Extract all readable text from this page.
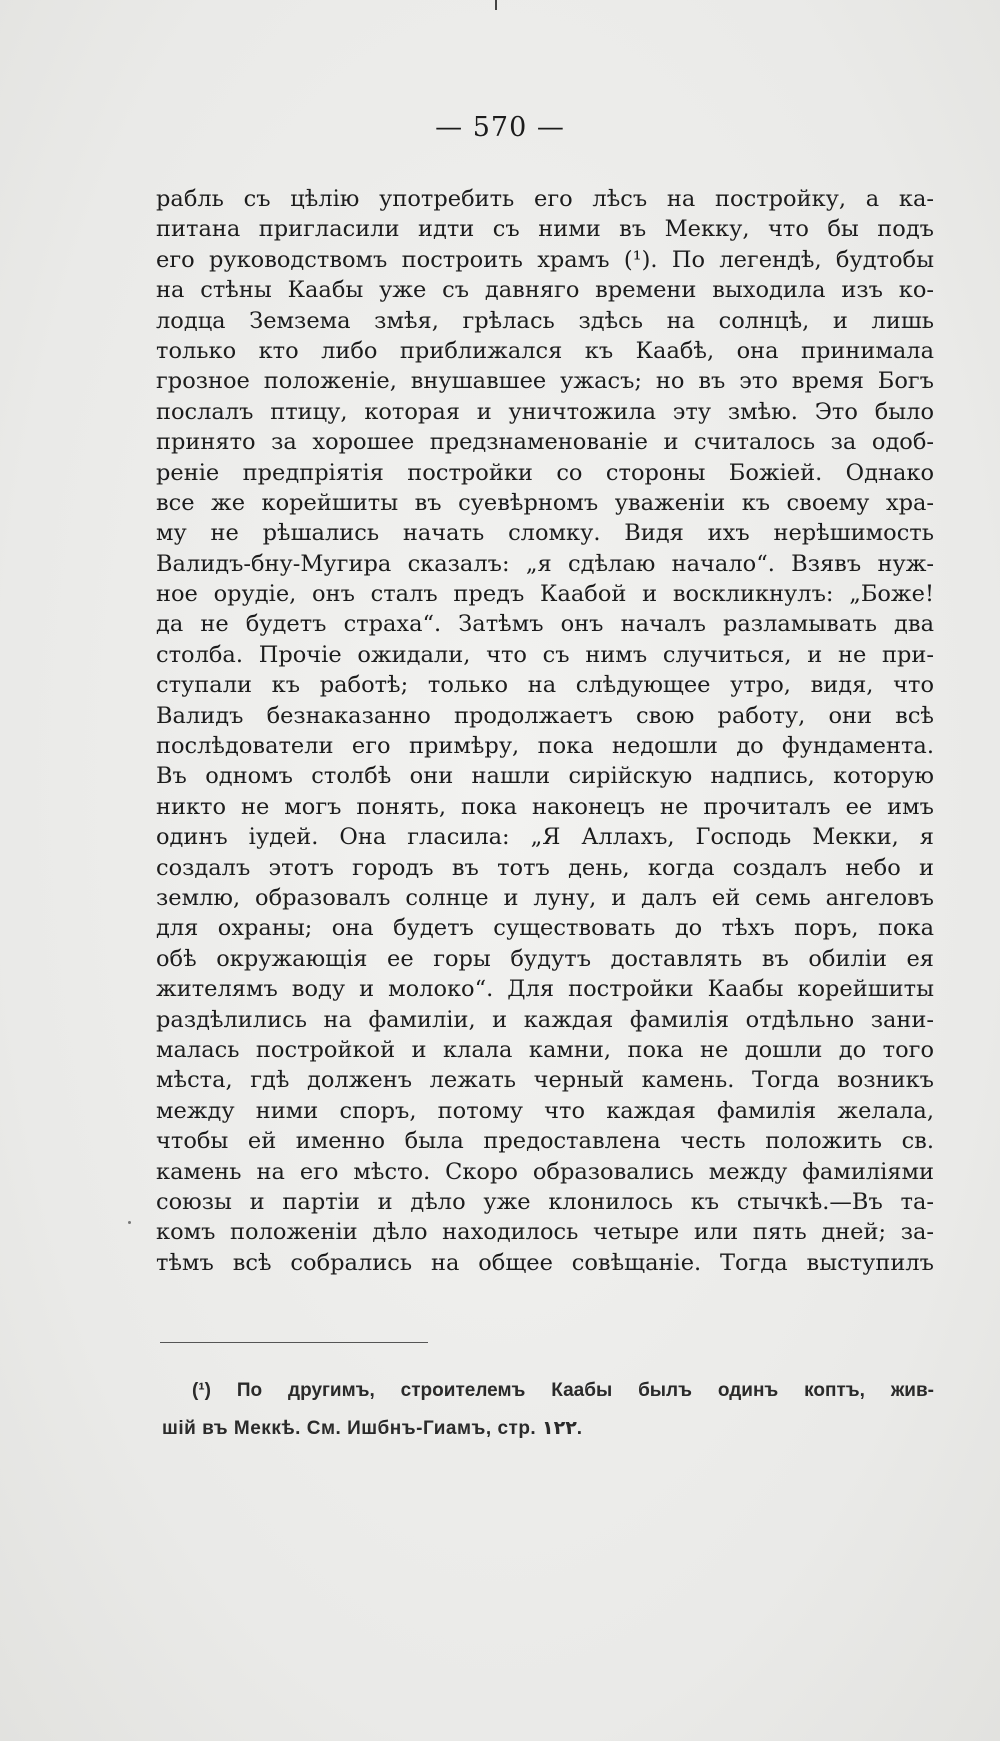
— 570 —
рабль съ цѣлію употребить его лѣсъ на постройку, а ка-
питана пригласили идти съ ними въ Мекку, что бы подъ
его руководствомъ построить храмъ (¹). По легендѣ, будтобы
на стѣны Каабы уже съ давняго времени выходила изъ ко-
лодца Земзема змѣя, грѣлась здѣсь на солнцѣ, и лишь
только кто либо приближался къ Каабѣ, она принимала
грозное положеніе, внушавшее ужасъ; но въ это время Богъ
послалъ птицу, которая и уничтожила эту змѣю. Это было
принято за хорошее предзнаменованіе и считалось за одоб-
реніе предпріятія постройки со стороны Божіей. Однако
все же корейшиты въ суевѣрномъ уваженіи къ своему хра-
му не рѣшались начать сломку. Видя ихъ нерѣшимость
Валидъ-бну-Мугира сказалъ: „я сдѣлаю начало“. Взявъ нуж-
ное орудіе, онъ сталъ предъ Каабой и воскликнулъ: „Боже!
да не будетъ страха“. Затѣмъ онъ началъ разламывать два
столба. Прочіе ожидали, что съ нимъ случиться, и не при-
ступали къ работѣ; только на слѣдующее утро, видя, что
Валидъ безнаказанно продолжаетъ свою работу, они всѣ
послѣдователи его примѣру, пока недошли до фундамента.
Въ одномъ столбѣ они нашли сирійскую надпись, которую
никто не могъ понять, пока наконецъ не прочиталъ ее имъ
одинъ іудей. Она гласила: „Я Аллахъ, Господь Мекки, я
создалъ этотъ городъ въ тотъ день, когда создалъ небо и
землю, образовалъ солнце и луну, и далъ ей семь ангеловъ
для охраны; она будетъ существовать до тѣхъ поръ, пока
обѣ окружающія ее горы будутъ доставлять въ обиліи ея
жителямъ воду и молоко“. Для постройки Каабы корейшиты
раздѣлились на фамиліи, и каждая фамилія отдѣльно зани-
малась постройкой и клала камни, пока не дошли до того
мѣста, гдѣ долженъ лежать черный камень. Тогда возникъ
между ними споръ, потому что каждая фамилія желала,
чтобы ей именно была предоставлена честь положить св.
камень на его мѣсто. Скоро образовались между фамиліями
союзы и партіи и дѣло уже клонилось къ стычкѣ.—Въ та-
комъ положеніи дѣло находилось четыре или пять дней; за-
тѣмъ всѣ собрались на общее совѣщаніе. Тогда выступилъ
(¹) По другимъ, строителемъ Каабы былъ одинъ коптъ, жив-
шій въ Меккѣ. См. Ишбнъ-Гиамъ, стр. ١٢٢.
